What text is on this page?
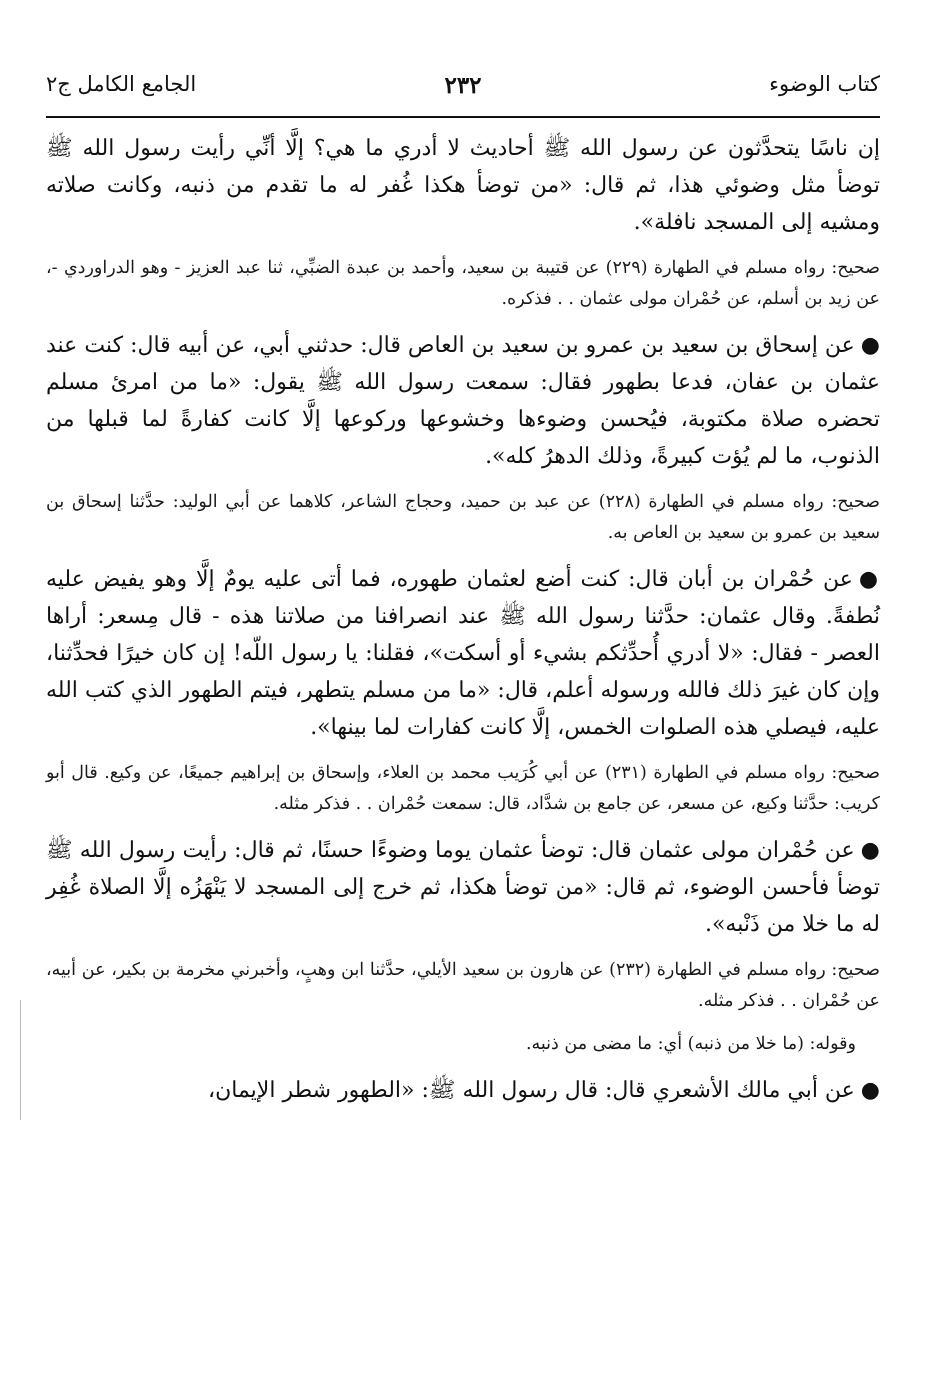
كتاب الوضوء
٢٣٢
الجامع الكامل ج٢

إن ناسًا يتحدَّثون عن رسول الله ﷺ أحاديث لا أدري ما هي؟ إلَّا أنِّي رأيت رسول الله ﷺ توضأ مثل وضوئي هذا، ثم قال: «من توضأ هكذا غُفر له ما تقدم من ذنبه، وكانت صلاته ومشيه إلى المسجد نافلة».

صحيح: رواه مسلم في الطهارة (٢٢٩) عن قتيبة بن سعيد، وأحمد بن عبدة الضبِّي، ثنا عبد العزيز - وهو الدراوردي -، عن زيد بن أسلم، عن حُمْران مولى عثمان . . فذكره.

●عن إسحاق بن سعيد بن عمرو بن سعيد بن العاص قال: حدثني أبي، عن أبيه قال: كنت عند عثمان بن عفان، فدعا بطهور فقال: سمعت رسول الله ﷺ يقول: «ما من امرئ مسلم تحضره صلاة مكتوبة، فيُحسن وضوءها وخشوعها وركوعها إلَّا كانت كفارةً لما قبلها من الذنوب، ما لم يُؤت كبيرةً، وذلك الدهرُ كله».

صحيح: رواه مسلم في الطهارة (٢٢٨) عن عبد بن حميد، وحجاج الشاعر، كلاهما عن أبي الوليد: حدَّثنا إسحاق بن سعيد بن عمرو بن سعيد بن العاص به.

●عن حُمْران بن أبان قال: كنت أضع لعثمان طهوره، فما أتى عليه يومٌ إلَّا وهو يفيض عليه نُطفةً. وقال عثمان: حدَّثنا رسول الله ﷺ عند انصرافنا من صلاتنا هذه - قال مِسعر: أراها العصر - فقال: «لا أدري أُحدِّثكم بشيء أو أسكت»، فقلنا: يا رسول اللّه! إن كان خيرًا فحدِّثنا، وإن كان غيرَ ذلك فالله ورسوله أعلم، قال: «ما من مسلم يتطهر، فيتم الطهور الذي كتب الله عليه، فيصلي هذه الصلوات الخمس، إلَّا كانت كفارات لما بينها».

صحيح: رواه مسلم في الطهارة (٢٣١) عن أبي كُرَيب محمد بن العلاء، وإسحاق بن إبراهيم جميعًا، عن وكيع. قال أبو كريب: حدَّثنا وكيع، عن مسعر، عن جامع بن شدَّاد، قال: سمعت حُمْران . . فذكر مثله.

●عن حُمْران مولى عثمان قال: توضأ عثمان يوما وضوءًا حسنًا، ثم قال: رأيت رسول الله ﷺ توضأ فأحسن الوضوء، ثم قال: «من توضأ هكذا، ثم خرج إلى المسجد لا يَنْهَزُه إلَّا الصلاة غُفِر له ما خلا من ذَنْبه».

صحيح: رواه مسلم في الطهارة (٢٣٢) عن هارون بن سعيد الأيلي، حدَّثنا ابن وهبٍ، وأخبرني مخرمة بن بكير، عن أبيه، عن حُمْران . . فذكر مثله.

وقوله: (ما خلا من ذنبه) أي: ما مضى من ذنبه.

●عن أبي مالك الأشعري قال: قال رسول الله ﷺ: «الطهور شطر الإيمان،
